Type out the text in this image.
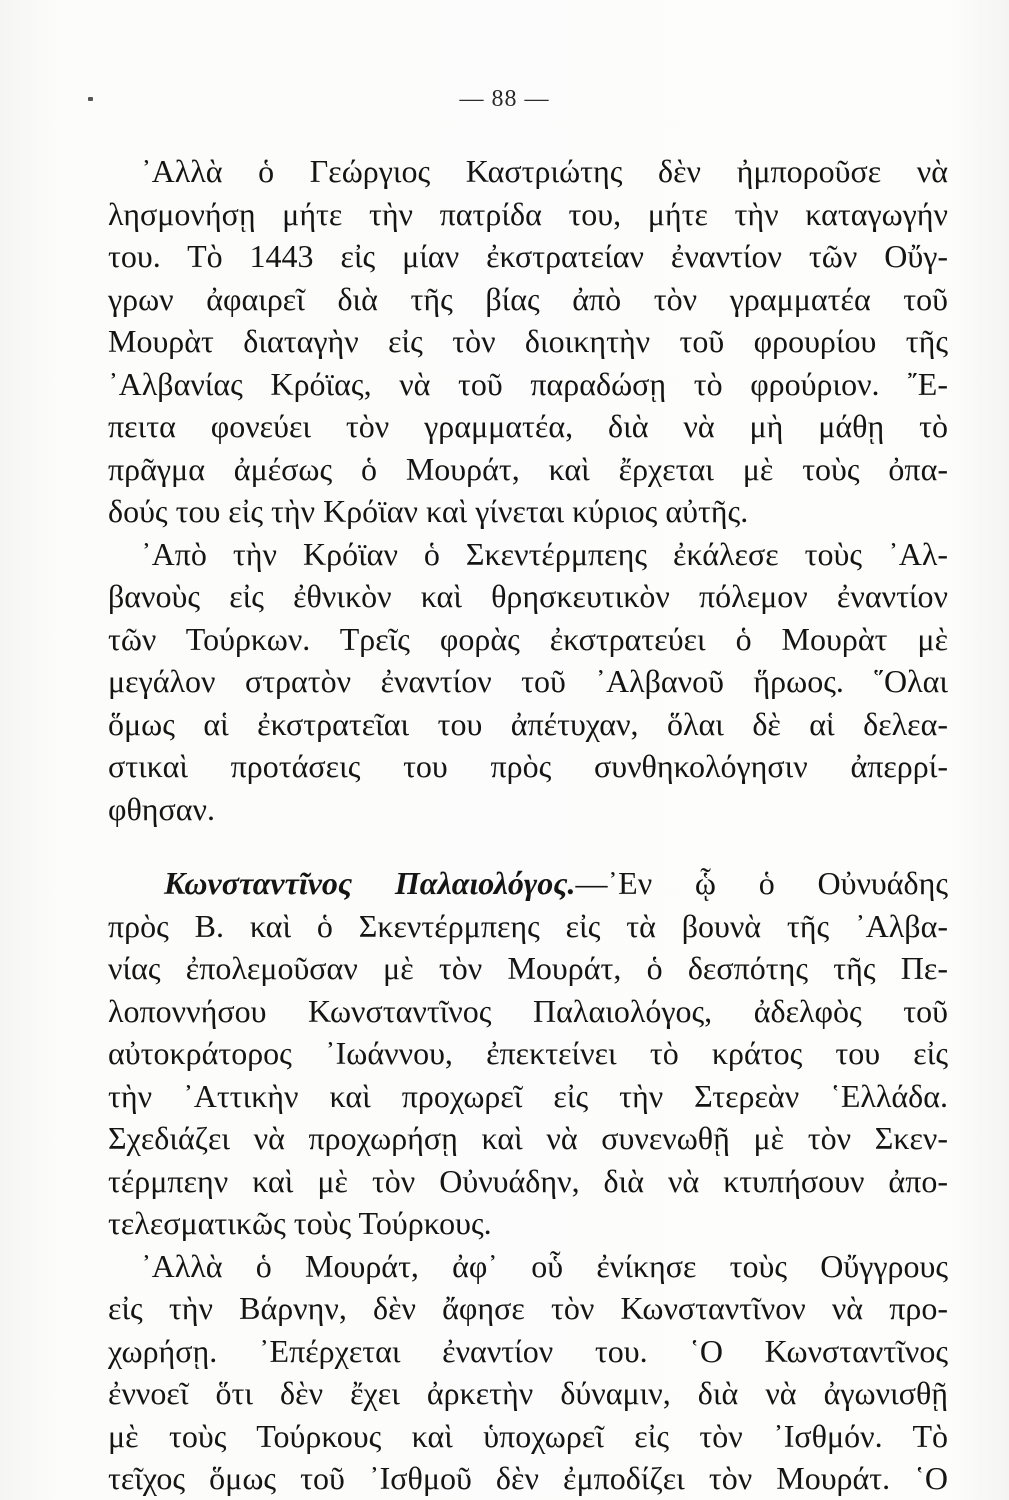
— 88 —
᾿Αλλὰ ὁ Γεώργιος Καστριώτης δὲν ἠμποροῦσε νὰ
λησμονήσῃ μήτε τὴν πατρίδα του, μήτε τὴν καταγωγήν
του. Τὸ 1443 εἰς μίαν ἐκστρατείαν ἐναντίον τῶν Οὔγ-
γρων ἀφαιρεῖ διὰ τῆς βίας ἀπὸ τὸν γραμματέα τοῦ
Μουρὰτ διαταγὴν εἰς τὸν διοικητὴν τοῦ φρουρίου τῆς
᾿Αλβανίας Κρόϊας, νὰ τοῦ παραδώσῃ τὸ φρούριον. ῎Ε-
πειτα φονεύει τὸν γραμματέα, διὰ νὰ μὴ μάθῃ τὸ
πρᾶγμα ἀμέσως ὁ Μουράτ, καὶ ἔρχεται μὲ τοὺς ὀπα-
δούς του εἰς τὴν Κρόϊαν καὶ γίνεται κύριος αὐτῆς.
᾿Απὸ τὴν Κρόϊαν ὁ Σκεντέρμπεης ἐκάλεσε τοὺς ᾿Αλ-
βανοὺς εἰς ἐθνικὸν καὶ θρησκευτικὸν πόλεμον ἐναντίον
τῶν Τούρκων. Τρεῖς φορὰς ἐκστρατεύει ὁ Μουρὰτ μὲ
μεγάλον στρατὸν ἐναντίον τοῦ ᾿Αλβανοῦ ἥρωος. ῞Ολαι
ὅμως αἱ ἐκστρατεῖαι του ἀπέτυχαν, ὅλαι δὲ αἱ δελεα-
στικαὶ προτάσεις του πρὸς συνθηκολόγησιν ἀπερρί-
φθησαν.
Κωνσταντῖνος Παλαιολόγος.—᾿Εν ᾧ ὁ Οὐνυάδης
πρὸς Β. καὶ ὁ Σκεντέρμπεης εἰς τὰ βουνὰ τῆς ᾿Αλβα-
νίας ἐπολεμοῦσαν μὲ τὸν Μουράτ, ὁ δεσπότης τῆς Πε-
λοποννήσου Κωνσταντῖνος Παλαιολόγος, ἀδελφὸς τοῦ
αὐτοκράτορος ᾿Ιωάννου, ἐπεκτείνει τὸ κράτος του εἰς
τὴν ᾿Αττικὴν καὶ προχωρεῖ εἰς τὴν Στερεὰν ῾Ελλάδα.
Σχεδιάζει νὰ προχωρήσῃ καὶ νὰ συνενωθῇ μὲ τὸν Σκεν-
τέρμπεην καὶ μὲ τὸν Οὐνυάδην, διὰ νὰ κτυπήσουν ἀπο-
τελεσματικῶς τοὺς Τούρκους.
᾿Αλλὰ ὁ Μουράτ, ἀφ᾿ οὗ ἐνίκησε τοὺς Οὔγγρους
εἰς τὴν Βάρνην, δὲν ἄφησε τὸν Κωνσταντῖνον νὰ προ-
χωρήσῃ. ᾿Επέρχεται ἐναντίον του. ῾Ο Κωνσταντῖνος
ἐννοεῖ ὅτι δὲν ἔχει ἀρκετὴν δύναμιν, διὰ νὰ ἀγωνισθῇ
μὲ τοὺς Τούρκους καὶ ὑποχωρεῖ εἰς τὸν ᾿Ισθμόν. Τὸ
τεῖχος ὅμως τοῦ ᾿Ισθμοῦ δὲν ἐμποδίζει τὸν Μουράτ. ῾Ο
